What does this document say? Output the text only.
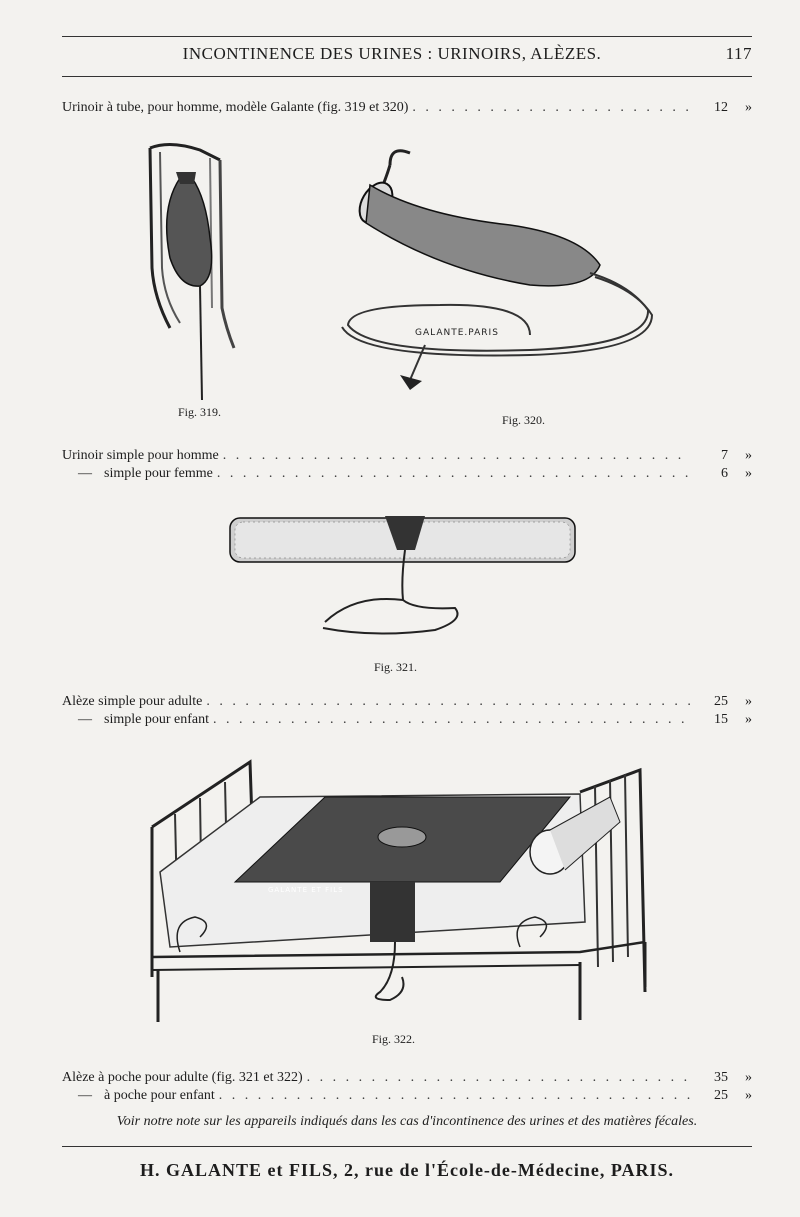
INCONTINENCE DES URINES : URINOIRS, ALÈZES.	117
Urinoir à tube, pour homme, modèle Galante (fig. 319 et 320) . . .	12	»
Fig. 319.
GALANTE.PARIS
Fig. 320.
Urinoir simple pour homme . . .	7	»
— simple pour femme . . .	6	»
Fig. 321.
Alèze simple pour adulte . . .	25	»
— simple pour enfant . . .	15	»
GALANTE ET FILS
Fig. 322.
Alèze à poche pour adulte (fig. 321 et 322) . . .	35	»
— à poche pour enfant . . .	25	»
Voir notre note sur les appareils indiqués dans les cas d'incontinence des urines et des matières fécales.
H. GALANTE et FILS, 2, rue de l'École-de-Médecine, PARIS.
